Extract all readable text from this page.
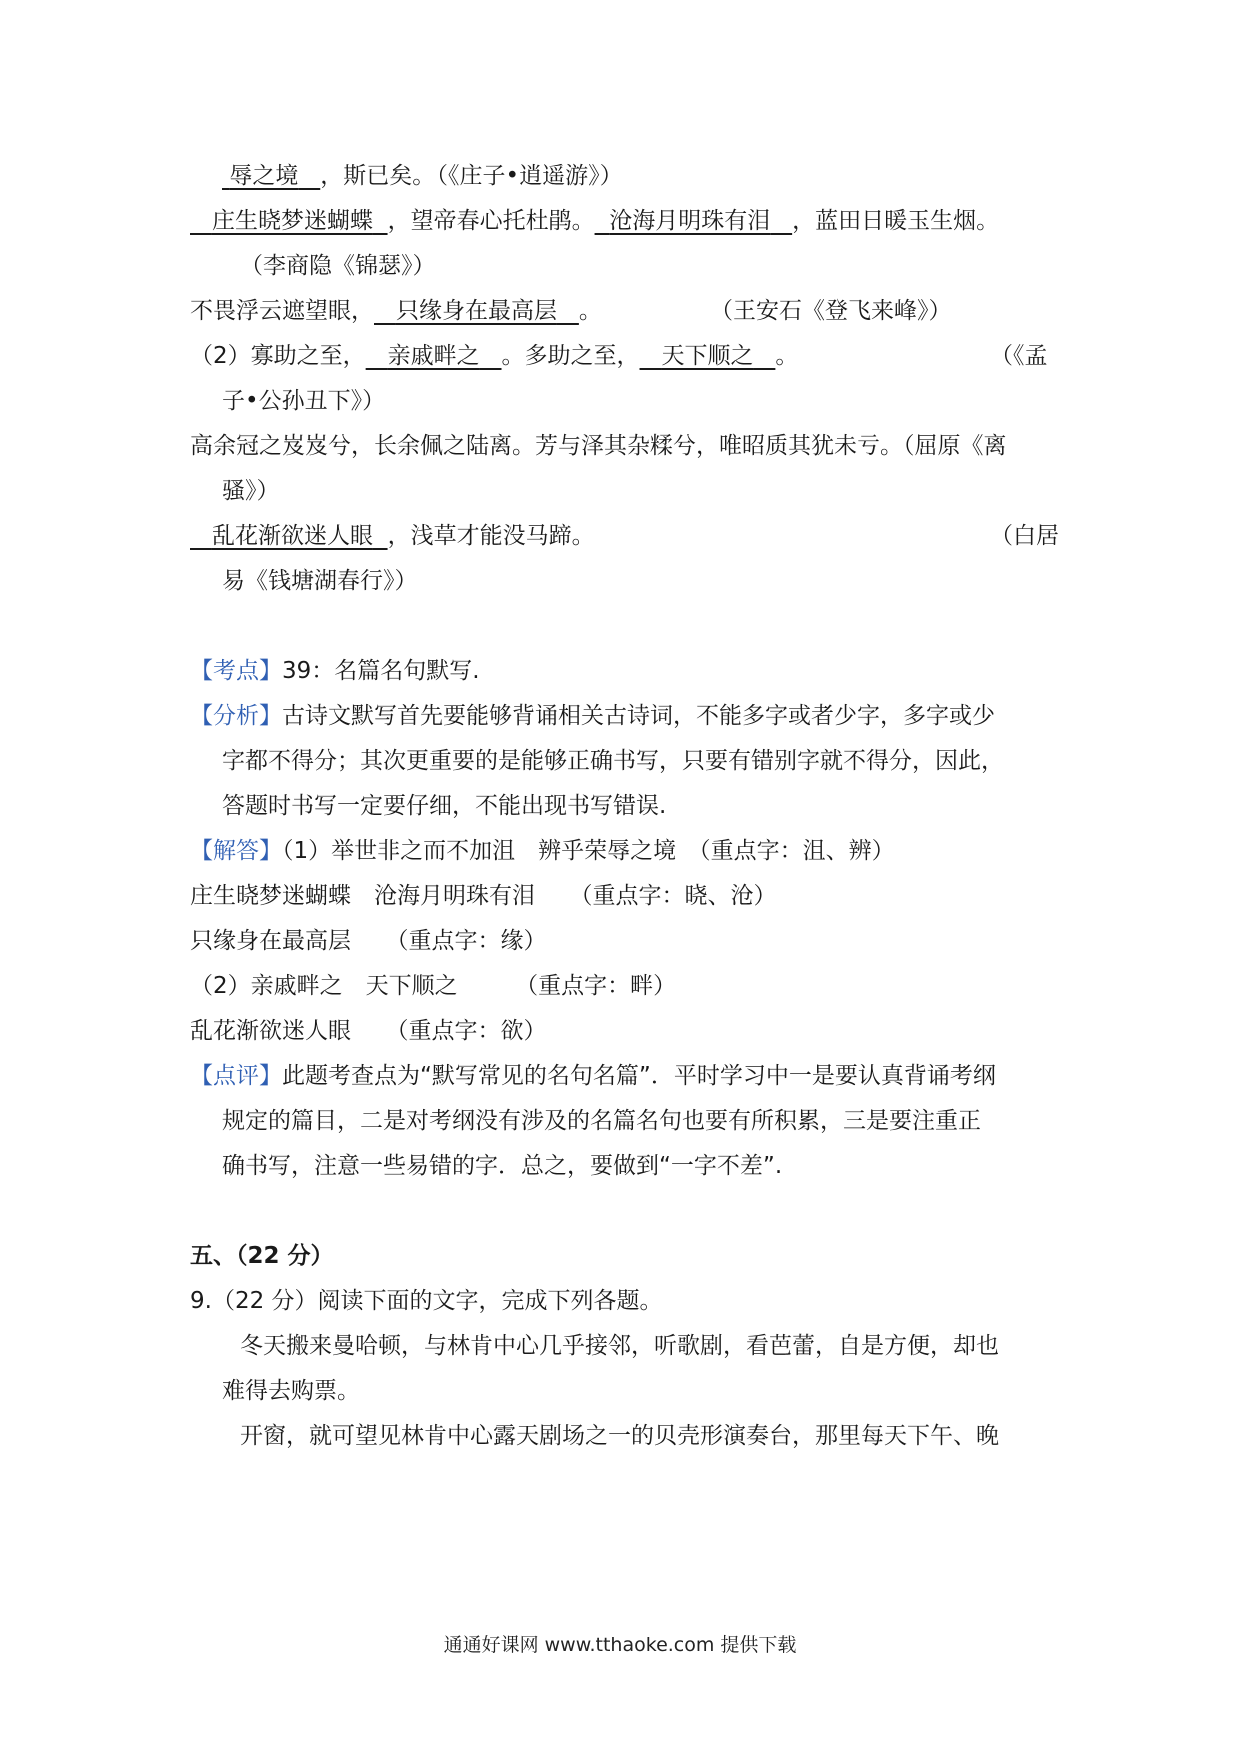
辱之境 ，斯已矣。
（《庄子•逍遥游》）
庄生晓梦迷蝴蝶 ，望帝春心托杜鹃。 沧海月明珠有泪 ，蓝田日暖玉生烟。
（李商隐《锦瑟》）
不畏浮云遮望眼， 只缘身在最高层 。	（王安石《登飞来峰》）
（2）寡助之至， 亲戚畔之 。多助之至， 天下顺之 。	（《孟
子•公孙丑下》）
高余冠之岌岌兮，长余佩之陆离。芳与泽其杂糅兮，唯昭质其犹未亏。（屈原《离
骚》）
乱花渐欲迷人眼 ，浅草才能没马蹄。	（白居
易《钱塘湖春行》）
【考点】39：名篇名句默写.
【分析】古诗文默写首先要能够背诵相关古诗词，不能多字或者少字，多字或少
字都不得分；其次更重要的是能够正确书写，只要有错别字就不得分，因此，
答题时书写一定要仔细，不能出现书写错误.
【解答】（1）举世非之而不加沮　辨乎荣辱之境　（重点字：沮、辨）
庄生晓梦迷蝴蝶　沧海月明珠有泪　　（重点字：晓、沧）
只缘身在最高层　　（重点字：缘）
（2）亲戚畔之　天下顺之　　　（重点字：畔）
乱花渐欲迷人眼　　（重点字：欲）
【点评】此题考查点为“默写常见的名句名篇”．平时学习中一是要认真背诵考纲
规定的篇目，二是对考纲没有涉及的名篇名句也要有所积累，三是要注重正
确书写，注意一些易错的字．总之，要做到“一字不差”.
五、（22 分）
9.（22 分）阅读下面的文字，完成下列各题。
冬天搬来曼哈顿，与林肯中心几乎接邻，听歌剧，看芭蕾，自是方便，却也
难得去购票。
开窗，就可望见林肯中心露天剧场之一的贝壳形演奏台，那里每天下午、晚
通通好课网 www.tthaoke.com 提供下载
